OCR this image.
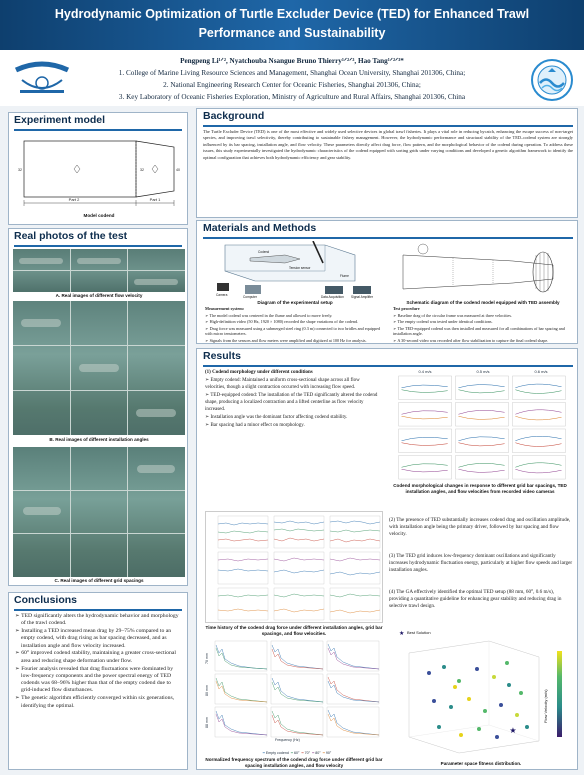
Hydrodynamic Optimization of Turtle Excluder Device (TED) for Enhanced Trawl
Performance and Sustainability
Pengpeng Li¹ᐟ², Nyatchouba Nsangue Bruno Thierry¹ᐟ²ᐟ³, Hao Tang¹ᐟ²ᐟ³*
1. College of Marine Living Resource Sciences and Management, Shanghai Ocean University, Shanghai 201306, China;
2. National Engineering Research Center for Oceanic Fisheries, Shanghai 201306, China;
3. Key Laboratory of Oceanic Fisheries Exploration, Ministry of Agriculture and Rural Affairs, Shanghai 201306, China
Experiment model
32	32	40
Part 2	Part 1
Model codend
Real photos of the test
A. Real images of different flow velocity
B. Real images of different installation angles
C. Real images of different grid spacings
Conclusions

➢ TED significantly alters the hydrodynamic behavior and morphology of the trawl codend.

➢ Installing a TED increased mean drag by 29–75% compared to an empty codend, with drag rising as bar spacing decreased, and as installation angle and flow velocity increased.

➢ 60° improved codend stability, maintaining a greater cross-sectional area and reducing shape deformation under flow.

➢ Fourier analysis revealed that drag fluctuations were dominated by low-frequency components and the power spectral energy of TED codends was 68–96% higher than that of the empty codend due to grid-induced flow disturbances.

➢ The genetic algorithm efficiently converged within six generations, identifying the optimal.

Background
The Turtle Excluder Device (TED) is one of the most effective and widely used selective devices in global trawl fisheries. It plays a vital role in reducing bycatch, enhancing the escape success of non-target species, and improving trawl selectivity, thereby contributing to sustainable fishery management. However, the hydrodynamic performance and structural stability of the TED–codend system are strongly influenced by its bar spacing, installation angle, and flow velocity. These parameters directly affect drag force, flow pattern, and the morphological behavior of the codend during operation. To address these issues, this study experimentally investigated the hydrodynamic characteristics of the codend equipped with sorting grids under varying conditions and developed a genetic algorithm framework to identify the optimal configuration that achieves both hydrodynamic efficiency and gear stability.
Materials and Methods
Codend
Camera	Computer
Tension sensor
Data Acquisition Signal Amplifier
Flume
Diagram of the experimental setup

Measurement system:

➢ The model codend was centered in the flume and allowed to move freely.

➢ High-definition video (50 Hz, 1920 × 1080) recorded the shape variations of the codend.

➢ Drag force was measured using a submerged steel ring (0.3 m) connected to two bridles and equipped with micro tensiometers.

➢ Signals from the sensors and flow meters were amplified and digitized at 100 Hz for analysis.

Schematic diagram of the codend model equipped with TED assembly

Test procedure

➢ Baseline drag of the circular frame was measured at three velocities.

➢ The empty codend was tested under identical conditions.

➢ The TED-equipped codend was then installed and measured for all combinations of bar spacing and installation angle.

➢ A 30-second video was recorded after flow stabilization to capture the final codend shape.

Results

(1) Codend morphology under different conditions

➢ Empty codend: Maintained a uniform cross-sectional shape across all flow velocities, though a slight contraction occurred with increasing flow speed.

➢ TED-equipped codend: The installation of the TED significantly altered the codend shape, producing a localized contraction and a lifted centerline as flow velocity increased.

➢ Installation angle was the dominant factor affecting codend stability.

➢ Bar spacing had a minor effect on morphology.

0.4 m/s	0.5 m/s	0.6 m/s
Codend morphological changes in response to different grid bar spacings, TED installation angles, and flow velocities from recorded video cameras
Time history of the codend drag force under different installation angles, grid bar spacings, and flow velocities.
70 mm
80 mm
88 mm
Frequency (Hz)
━ Empty codend ━ 60° ━ 70° ━ 80° ━ 90°
Normalized frequency spectrum of the codend drag force under different grid bar spacing installation angles, and flow velocity
(2) The presence of TED substantially increases codend drag and oscillation amplitude, with installation angle being the primary driver, followed by bar spacing and flow velocity.
(3) The TED grid induces low-frequency dominant oscillations and significantly increases hydrodynamic fluctuation energy, particularly at higher flow speeds and larger installation angles.
(4) The GA effectively identified the optimal TED setup (88 mm, 60°, 0.6 m/s), providing a quantitative guideline for enhancing gear stability and reducing drag in selective trawl design.
★
★ Best Solution
Flow Velocity (m/s)
Parameter space fitness distribution.
